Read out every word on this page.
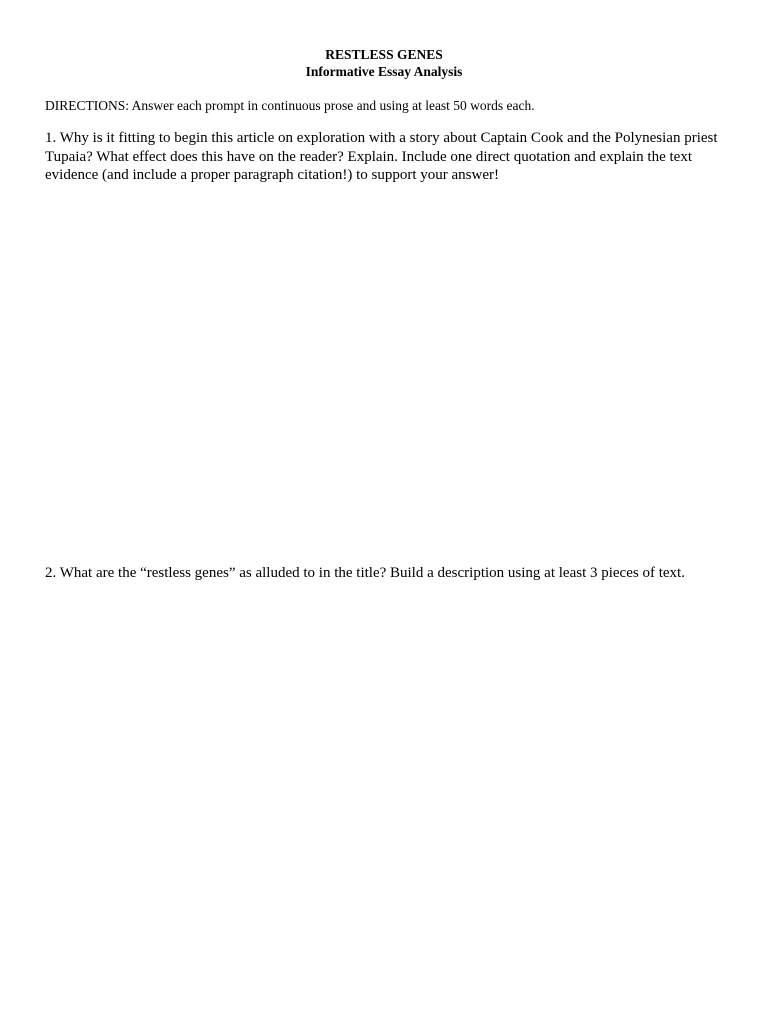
RESTLESS GENES
Informative Essay Analysis
DIRECTIONS: Answer each prompt in continuous prose and using at least 50 words each.
1. Why is it fitting to begin this article on exploration with a story about Captain Cook and the Polynesian priest Tupaia? What effect does this have on the reader? Explain. Include one direct quotation and explain the text evidence (and include a proper paragraph citation!) to support your answer!
2. What are the “restless genes” as alluded to in the title? Build a description using at least 3 pieces of text.
